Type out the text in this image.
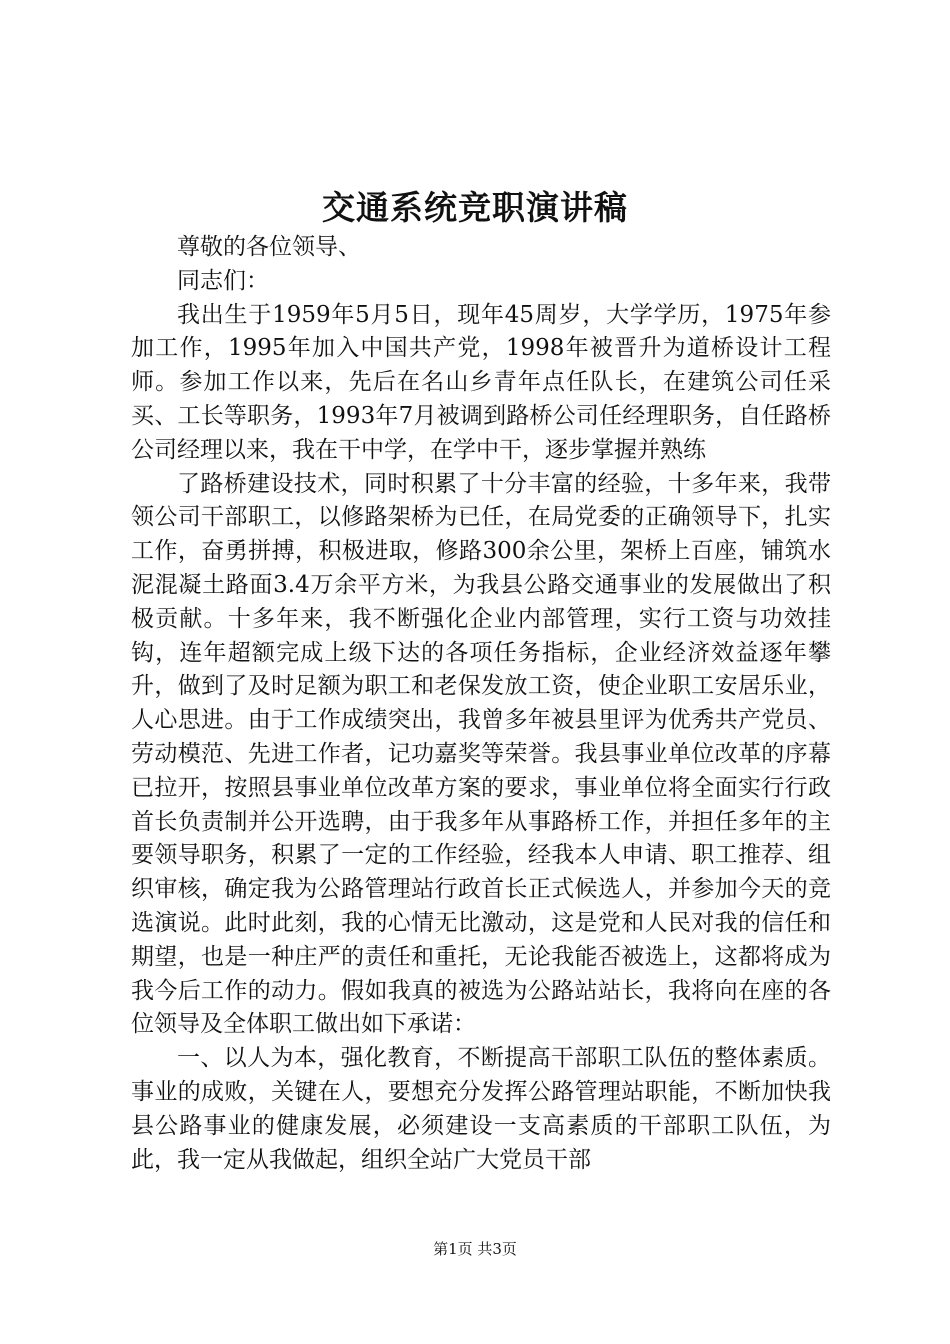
交通系统竞职演讲稿

尊敬的各位领导、

同志们：

我出生于1959年5月5日，现年45周岁，大学学历，1975年参加工作，1995年加入中国共产党，1998年被晋升为道桥设计工程师。参加工作以来，先后在名山乡青年点任队长，在建筑公司任采买、工长等职务，1993年7月被调到路桥公司任经理职务，自任路桥公司经理以来，我在干中学，在学中干，逐步掌握并熟练

了路桥建设技术，同时积累了十分丰富的经验，十多年来，我带领公司干部职工，以修路架桥为已任，在局党委的正确领导下，扎实工作，奋勇拼搏，积极进取，修路300余公里，架桥上百座，铺筑水泥混凝土路面3.4万余平方米，为我县公路交通事业的发展做出了积极贡献。十多年来，我不断强化企业内部管理，实行工资与功效挂钩，连年超额完成上级下达的各项任务指标，企业经济效益逐年攀升，做到了及时足额为职工和老保发放工资，使企业职工安居乐业，人心思进。由于工作成绩突出，我曾多年被县里评为优秀共产党员、劳动模范、先进工作者，记功嘉奖等荣誉。我县事业单位改革的序幕已拉开，按照县事业单位改革方案的要求，事业单位将全面实行行政首长负责制并公开选聘，由于我多年从事路桥工作，并担任多年的主要领导职务，积累了一定的工作经验，经我本人申请、职工推荐、组织审核，确定我为公路管理站行政首长正式候选人，并参加今天的竞选演说。此时此刻，我的心情无比激动，这是党和人民对我的信任和期望，也是一种庄严的责任和重托，无论我能否被选上，这都将成为我今后工作的动力。假如我真的被选为公路站站长，我将向在座的各位领导及全体职工做出如下承诺：

一、以人为本，强化教育，不断提高干部职工队伍的整体素质。事业的成败，关键在人，要想充分发挥公路管理站职能，不断加快我县公路事业的健康发展，必须建设一支高素质的干部职工队伍，为此，我一定从我做起，组织全站广大党员干部

第1页 共3页
